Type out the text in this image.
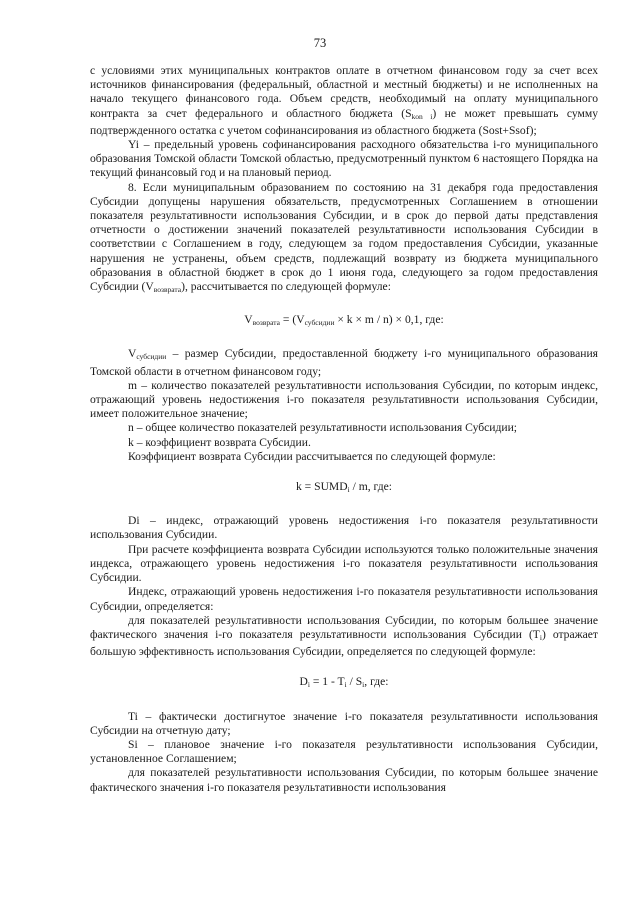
73

с условиями этих муниципальных контрактов оплате в отчетном финансовом году за счет всех источников финансирования (федеральный, областной и местный бюджеты) и не исполненных на начало текущего финансового года. Объем средств, необходимый на оплату муниципального контракта за счет федерального и областного бюджета $(S_{kon i})$ не может превышать сумму подтвержденного остатка с учетом софинансирования из областного бюджета (Sost+Ssof);

Yi – предельный уровень софинансирования расходного обязательства i-го муниципального образования Томской области Томской областью, предусмотренный пунктом 6 настоящего Порядка на текущий финансовый год и на плановый период.

8. Если муниципальным образованием по состоянию на 31 декабря года предоставления Субсидии допущены нарушения обязательств, предусмотренных Соглашением в отношении показателя результативности использования Субсидии, и в срок до первой даты представления отчетности о достижении значений показателей результативности использования Субсидии в соответствии с Соглашением в году, следующем за годом предоставления Субсидии, указанные нарушения не устранены, объем средств, подлежащий возврату из бюджета муниципального образования в областной бюджет в срок до 1 июня года, следующего за годом предоставления Субсидии $(V_{возврата})$, рассчитывается по следующей формуле:

$V_{возврата} = (V_{субсидии} \times k \times m / n) \times 0,1$, где:

$V_{субсидии}$ – размер Субсидии, предоставленной бюджету i-го муниципального образования Томской области в отчетном финансовом году;

m – количество показателей результативности использования Субсидии, по которым индекс, отражающий уровень недостижения i-го показателя результативности использования Субсидии, имеет положительное значение;

n – общее количество показателей результативности использования Субсидии;

k – коэффициент возврата Субсидии.

Коэффициент возврата Субсидии рассчитывается по следующей формуле:

$k = SUMD_i / m$, где:

Di – индекс, отражающий уровень недостижения i-го показателя результативности использования Субсидии.

При расчете коэффициента возврата Субсидии используются только положительные значения индекса, отражающего уровень недостижения i-го показателя результативности использования Субсидии.

Индекс, отражающий уровень недостижения i-го показателя результативности использования Субсидии, определяется:

для показателей результативности использования Субсидии, по которым большее значение фактического значения i-го показателя результативности использования Субсидии $(T_i)$ отражает большую эффективность использования Субсидии, определяется по следующей формуле:

$D_i = 1 - T_i / S_i$, где:

Ti – фактически достигнутое значение i-го показателя результативности использования Субсидии на отчетную дату;

Si – плановое значение i-го показателя результативности использования Субсидии, установленное Соглашением;

для показателей результативности использования Субсидии, по которым большее значение фактического значения i-го показателя результативности использования
